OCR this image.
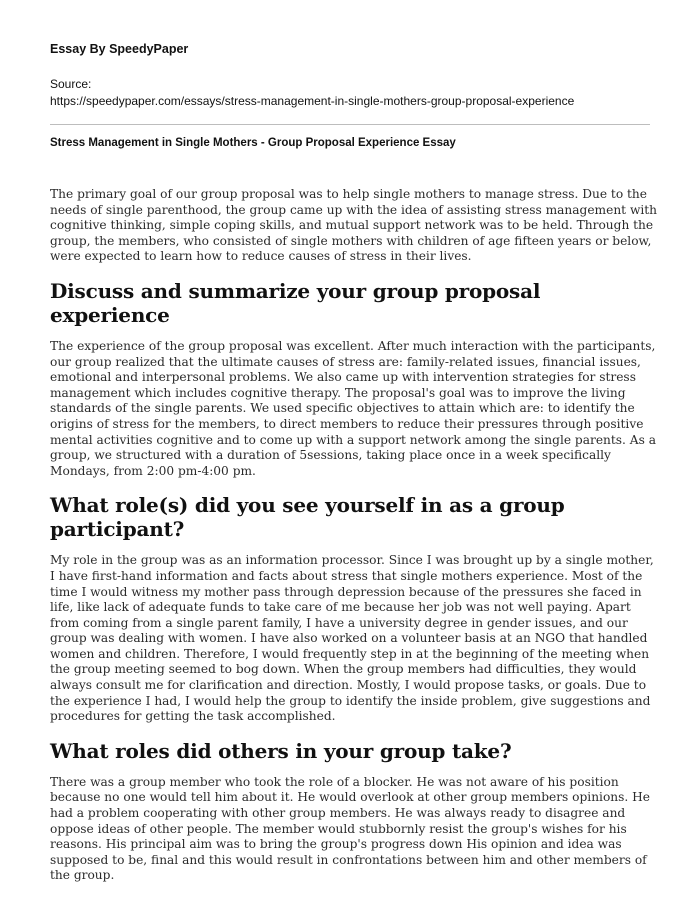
Essay By SpeedyPaper
Source:
https://speedypaper.com/essays/stress-management-in-single-mothers-group-proposal-experience
Stress Management in Single Mothers - Group Proposal Experience Essay

The primary goal of our group proposal was to help single mothers to manage stress. Due to the needs of single parenthood, the group came up with the idea of assisting stress management with cognitive thinking, simple coping skills, and mutual support network was to be held. Through the group, the members, who consisted of single mothers with children of age fifteen years or below, were expected to learn how to reduce causes of stress in their lives.

Discuss and summarize your group proposal experience

The experience of the group proposal was excellent. After much interaction with the participants, our group realized that the ultimate causes of stress are: family-related issues, financial issues, emotional and interpersonal problems. We also came up with intervention strategies for stress management which includes cognitive therapy. The proposal's goal was to improve the living standards of the single parents. We used specific objectives to attain which are: to identify the origins of stress for the members, to direct members to reduce their pressures through positive mental activities cognitive and to come up with a support network among the single parents. As a group, we structured with a duration of 5sessions, taking place once in a week specifically Mondays, from 2:00 pm-4:00 pm.

What role(s) did you see yourself in as a group participant?

My role in the group was as an information processor. Since I was brought up by a single mother, I have first-hand information and facts about stress that single mothers experience. Most of the time I would witness my mother pass through depression because of the pressures she faced in life, like lack of adequate funds to take care of me because her job was not well paying. Apart from coming from a single parent family, I have a university degree in gender issues, and our group was dealing with women. I have also worked on a volunteer basis at an NGO that handled women and children. Therefore, I would frequently step in at the beginning of the meeting when the group meeting seemed to bog down. When the group members had difficulties, they would always consult me for clarification and direction. Mostly, I would propose tasks, or goals. Due to the experience I had, I would help the group to identify the inside problem, give suggestions and procedures for getting the task accomplished.

What roles did others in your group take?

There was a group member who took the role of a blocker. He was not aware of his position because no one would tell him about it. He would overlook at other group members opinions. He had a problem cooperating with other group members. He was always ready to disagree and oppose ideas of other people. The member would stubbornly resist the group's wishes for his reasons. His principal aim was to bring the group's progress down His opinion and idea was supposed to be, final and this would result in confrontations between him and other members of the group.
